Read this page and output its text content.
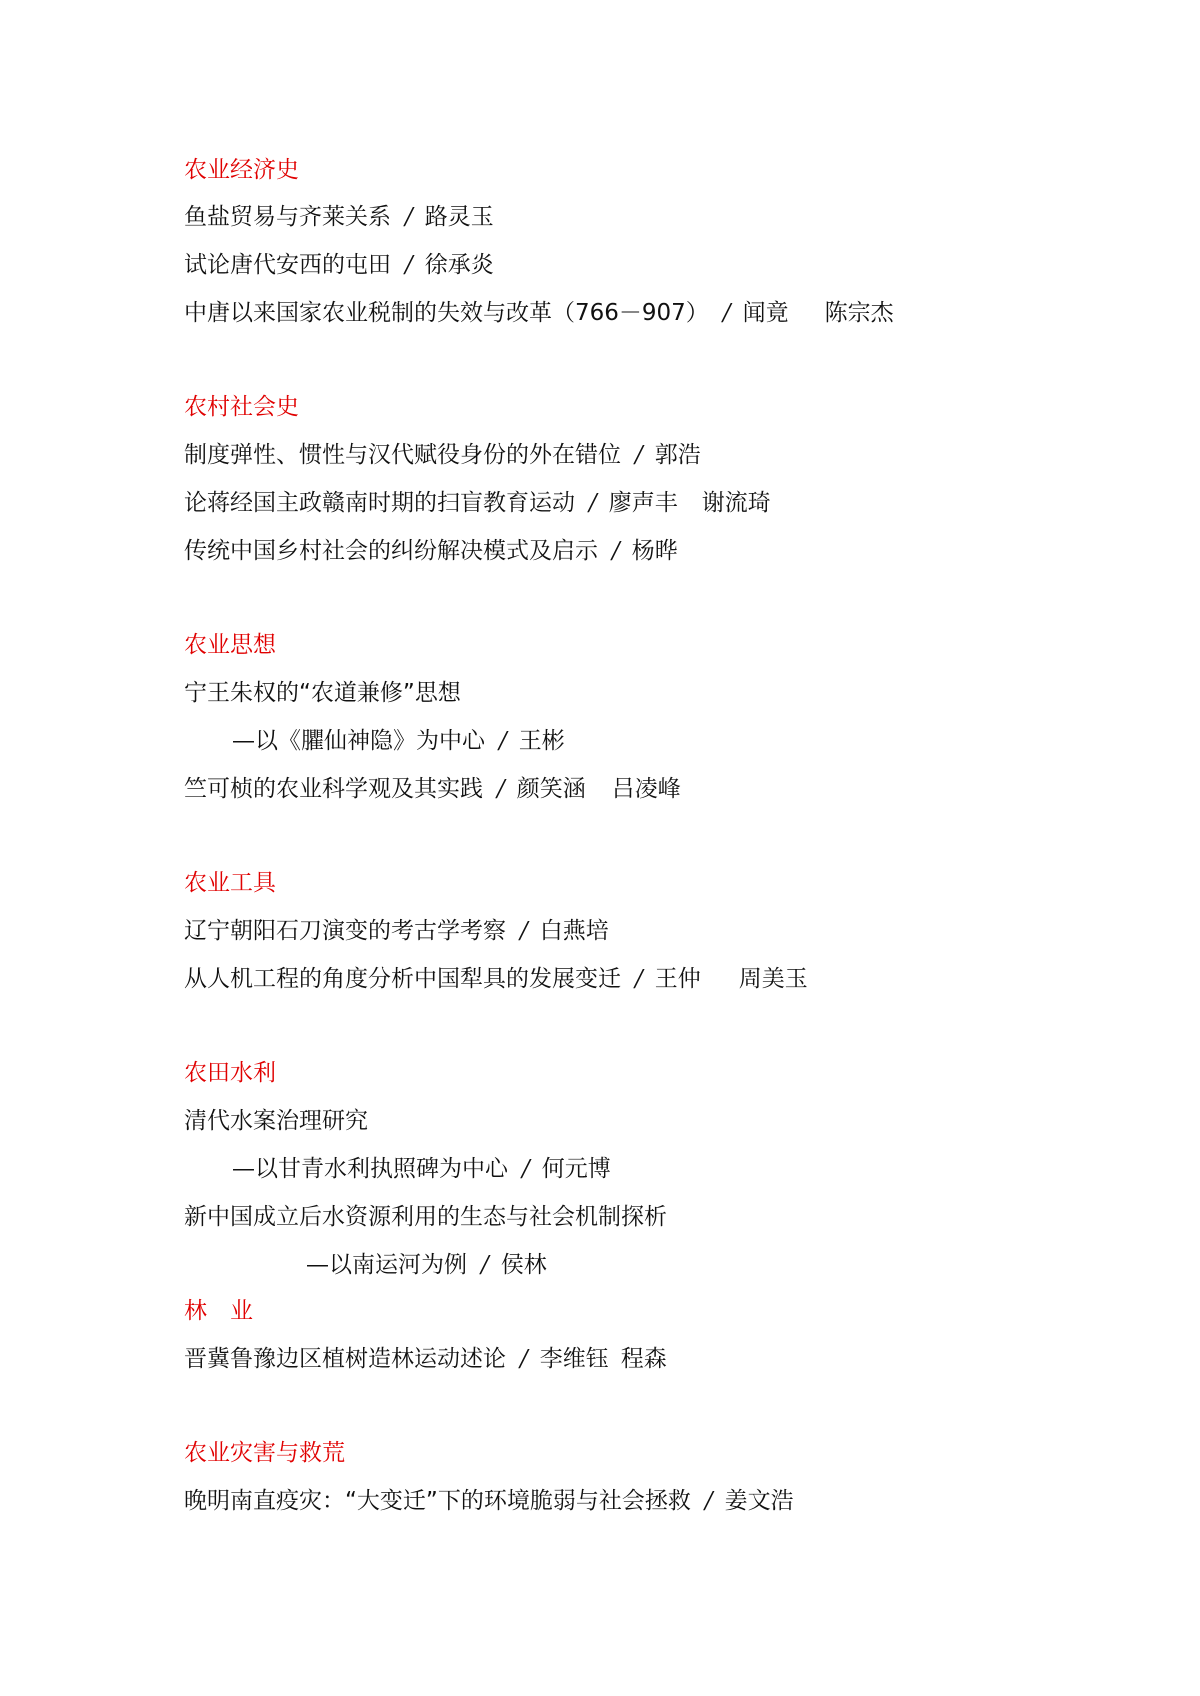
农业经济史
鱼盐贸易与齐莱关系 / 路灵玉
试论唐代安西的屯田 / 徐承炎
中唐以来国家农业税制的失效与改革（766－907） / 闻竟 陈宗杰
农村社会史
制度弹性、惯性与汉代赋役身份的外在错位 / 郭浩
论蒋经国主政赣南时期的扫盲教育运动 / 廖声丰 谢流琦
传统中国乡村社会的纠纷解决模式及启示 / 杨晔
农业思想
宁王朱权的“农道兼修”思想
—以《臞仙神隐》为中心 / 王彬
竺可桢的农业科学观及其实践 / 颜笑涵 吕凌峰
农业工具
辽宁朝阳石刀演变的考古学考察 / 白燕培
从人机工程的角度分析中国犁具的发展变迁 / 王仲 周美玉
农田水利
清代水案治理研究
—以甘青水利执照碑为中心 / 何元博
新中国成立后水资源利用的生态与社会机制探析
—以南运河为例 / 侯林
林　业
晋冀鲁豫边区植树造林运动述论 / 李维钰 程森
农业灾害与救荒
晚明南直疫灾：“大变迁”下的环境脆弱与社会拯救 / 姜文浩
